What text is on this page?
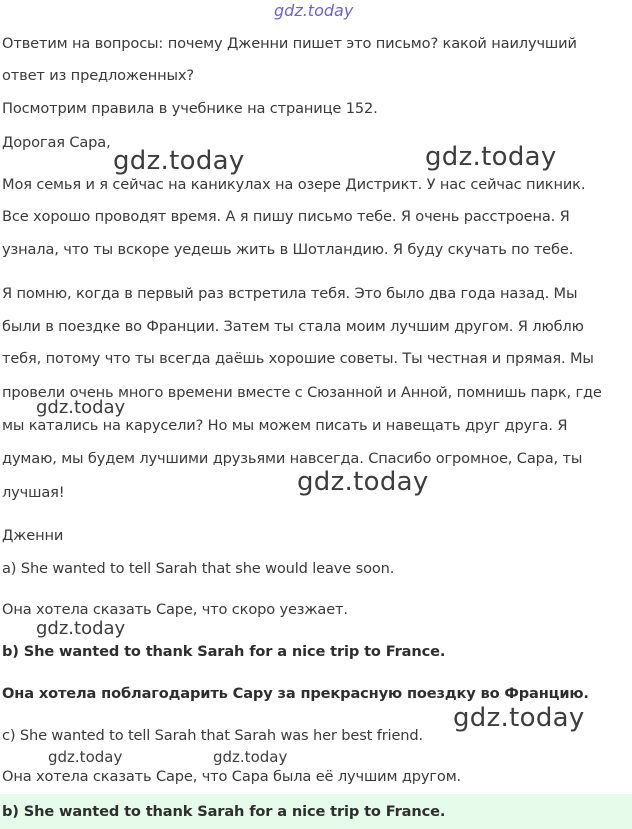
gdz.today
Ответим на вопросы: почему Дженни пишет это письмо? какой наилучший
ответ из предложенных?
Посмотрим правила в учебнике на странице 152.
Дорогая Сара,
Моя семья и я сейчас на каникулах на озере Дистрикт. У нас сейчас пикник.
Все хорошо проводят время. А я пишу письмо тебе. Я очень расстроена. Я
узнала, что ты вскоре уедешь жить в Шотландию. Я буду скучать по тебе.
Я помню, когда в первый раз встретила тебя. Это было два года назад. Мы
были в поездке во Франции. Затем ты стала моим лучшим другом. Я люблю
тебя, потому что ты всегда даёшь хорошие советы. Ты честная и прямая. Мы
провели очень много времени вместе с Сюзанной и Анной, помнишь парк, где
мы катались на карусели? Но мы можем писать и навещать друг друга. Я
думаю, мы будем лучшими друзьями навсегда. Спасибо огромное, Сара, ты
лучшая!
Дженни
a) She wanted to tell Sarah that she would leave soon.
Она хотела сказать Саре, что скоро уезжает.
b) She wanted to thank Sarah for a nice trip to France.
Она хотела поблагодарить Сару за прекрасную поездку во Францию.
c) She wanted to tell Sarah that Sarah was her best friend.
Она хотела сказать Саре, что Сара была её лучшим другом.
b) She wanted to thank Sarah for a nice trip to France.
gdz.today	gdz.today
gdz.today
gdz.today
gdz.today
gdz.today
gdz.today	gdz.today
